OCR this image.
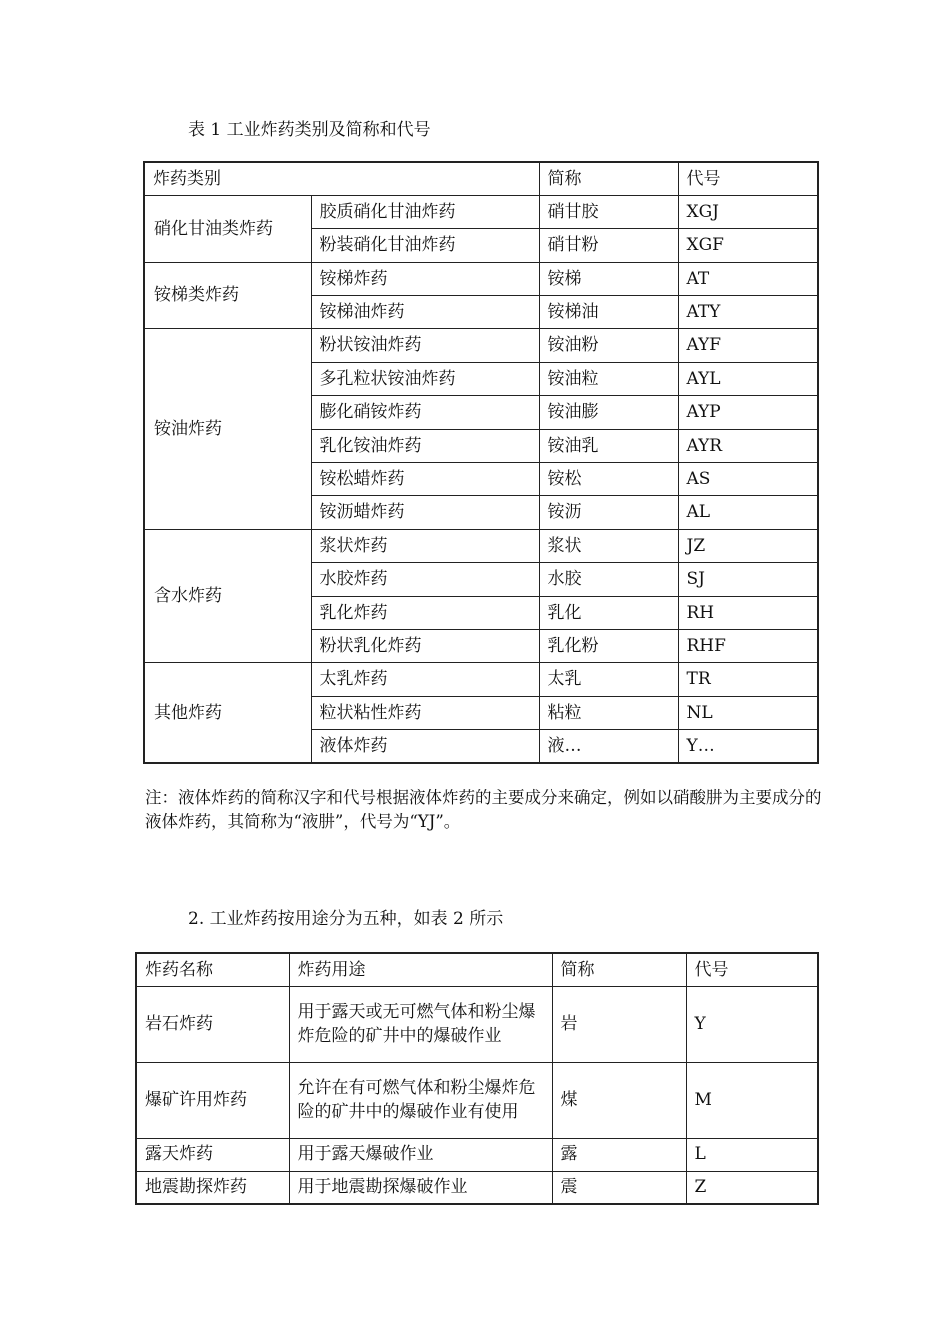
表 1 工业炸药类别及简称和代号
炸药类别		简称	代号
硝化甘油类炸药	胶质硝化甘油炸药	硝甘胶	XGJ
	粉装硝化甘油炸药	硝甘粉	XGF
铵梯类炸药	铵梯炸药	铵梯	AT
	铵梯油炸药	铵梯油	ATY
铵油炸药	粉状铵油炸药	铵油粉	AYF
	多孔粒状铵油炸药	铵油粒	AYL
	膨化硝铵炸药	铵油膨	AYP
	乳化铵油炸药	铵油乳	AYR
	铵松蜡炸药	铵松	AS
	铵沥蜡炸药	铵沥	AL
含水炸药	浆状炸药	浆状	JZ
	水胶炸药	水胶	SJ
	乳化炸药	乳化	RH
	粉状乳化炸药	乳化粉	RHF
其他炸药	太乳炸药	太乳	TR
	粒状粘性炸药	粘粒	NL
	液体炸药	液…	Y…
注：液体炸药的简称汉字和代号根据液体炸药的主要成分来确定，例如以硝酸肼为主要成分的液体炸药，其简称为“液肼”，代号为“YJ”。
2. 工业炸药按用途分为五种，如表 2 所示
炸药名称	炸药用途	简称	代号
岩石炸药	用于露天或无可燃气体和粉尘爆炸危险的矿井中的爆破作业	岩	Y
爆矿许用炸药	允许在有可燃气体和粉尘爆炸危险的矿井中的爆破作业有使用	煤	M
露天炸药	用于露天爆破作业	露	L
地震勘探炸药	用于地震勘探爆破作业	震	Z
